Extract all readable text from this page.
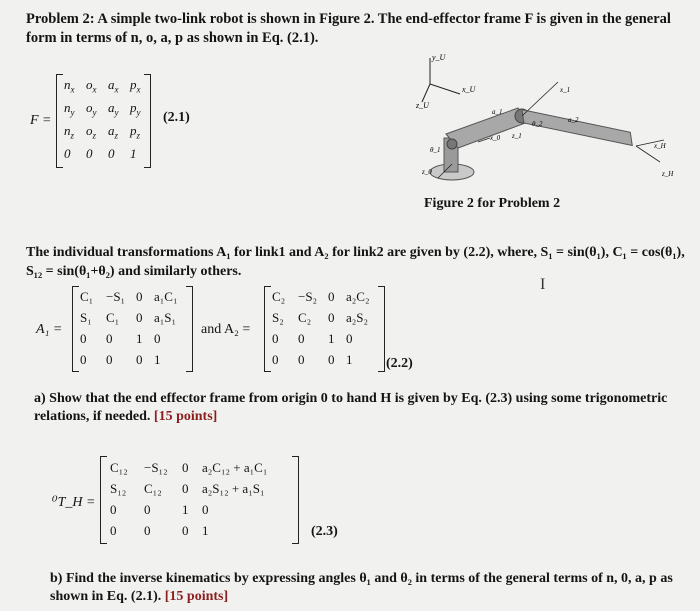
Problem 2: A simple two-link robot is shown in Figure 2. The end-effector frame F is given in the general form in terms of n, o, a, p as shown in Eq. (2.1).
F =
$n_x$ $o_x$ $a_x$ $p_x$
$n_y$ $o_y$ $a_y$ $p_y$
$n_z$ $o_z$ $a_z$ $p_z$
0 0 0 1
(2.1)
y_U
x_U
z_U
a_1
θ_2
x_0 z_1
a_2
x_1
x_H
θ_1
z_0	z_H
Figure 2 for Problem 2
The individual transformations A₁ for link1 and A₂ for link2 are given by (2.2), where, S₁ = sin(θ₁), C₁ = cos(θ₁), S₁₂ = sin(θ₁+θ₂) and similarly others.
I
A₁ =
C₁ −S₁ 0 a₁C₁
S₁ C₁ 0 a₁S₁
0 0 1 0
0 0 0 1
and A₂ =
C₂ −S₂ 0 a₂C₂
S₂ C₂ 0 a₂S₂
0 0 1 0
0 0 0 1 (2.2)
a) Show that the end effector frame from origin 0 to hand H is given by Eq. (2.3) using some trigonometric relations, if needed. [15 points]
⁰T_H =
C₁₂ −S₁₂ 0 a₂C₁₂ + a₁C₁
S₁₂ C₁₂ 0 a₂S₁₂ + a₁S₁
0 0 1 0
0 0 0 1	(2.3)
b) Find the inverse kinematics by expressing angles θ₁ and θ₂ in terms of the general terms of n, 0, a, p as shown in Eq. (2.1). [15 points]
